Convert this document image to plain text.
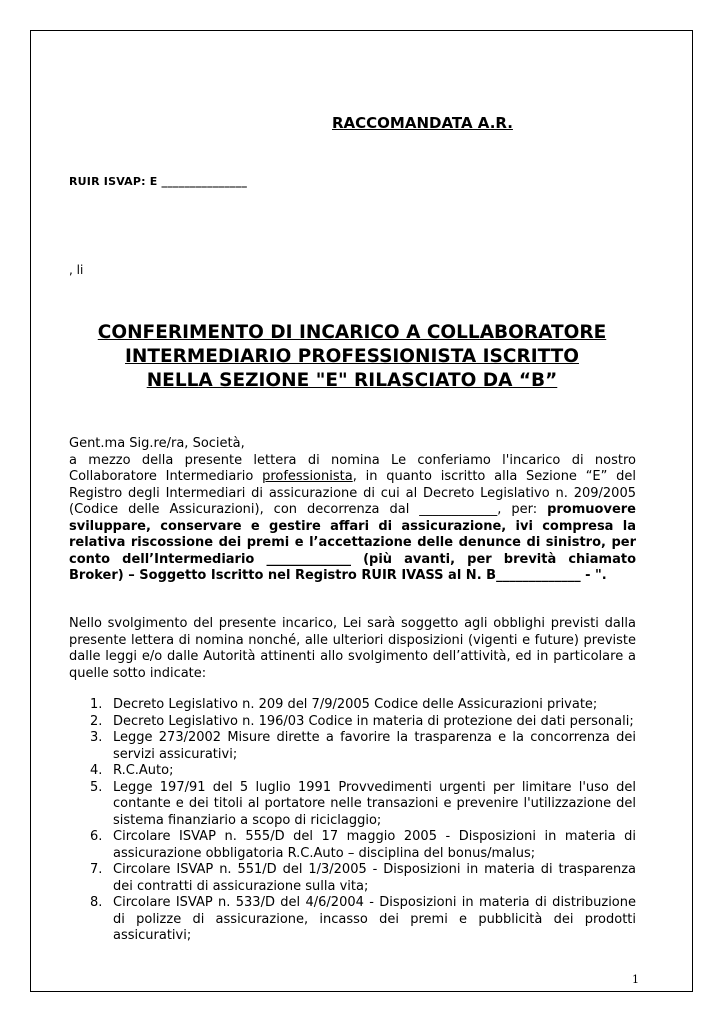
RACCOMANDATA A.R.
RUIR ISVAP: E _______________
, li
CONFERIMENTO DI INCARICO A COLLABORATORE
INTERMEDIARIO PROFESSIONISTA ISCRITTO
NELLA SEZIONE "E" RILASCIATO DA “B”
Gent.ma Sig.re/ra, Società,
a mezzo della presente lettera di nomina Le conferiamo l'incarico di nostro Collaboratore Intermediario professionista, in quanto iscritto alla Sezione “E” del Registro degli Intermediari di assicurazione di cui al Decreto Legislativo n. 209/2005 (Codice delle Assicurazioni), con decorrenza dal ____________, per: promuovere sviluppare, conservare e gestire affari di assicurazione, ivi compresa la relativa riscossione dei premi e l’accettazione delle denunce di sinistro, per conto dell’Intermediario _____________ (più avanti, per brevità chiamato Broker) – Soggetto Iscritto nel Registro RUIR IVASS al N. B_____________ - ".
Nello svolgimento del presente incarico, Lei sarà soggetto agli obblighi previsti dalla presente lettera di nomina nonché, alle ulteriori disposizioni (vigenti e future) previste dalle leggi e/o dalle Autorità attinenti allo svolgimento dell’attività, ed in particolare a quelle sotto indicate:
1. Decreto Legislativo n. 209 del 7/9/2005 Codice delle Assicurazioni private;
2. Decreto Legislativo n. 196/03 Codice in materia di protezione dei dati personali;
3. Legge 273/2002 Misure dirette a favorire la trasparenza e la concorrenza dei servizi assicurativi;
4. R.C.Auto;
5. Legge 197/91 del 5 luglio 1991 Provvedimenti urgenti per limitare l'uso del contante e dei titoli al portatore nelle transazioni e prevenire l'utilizzazione del sistema finanziario a scopo di riciclaggio;
6. Circolare ISVAP n. 555/D del 17 maggio 2005 - Disposizioni in materia di assicurazione obbligatoria R.C.Auto – disciplina del bonus/malus;
7. Circolare ISVAP n. 551/D del 1/3/2005 - Disposizioni in materia di trasparenza dei contratti di assicurazione sulla vita;
8. Circolare ISVAP n. 533/D del 4/6/2004 - Disposizioni in materia di distribuzione di polizze di assicurazione, incasso dei premi e pubblicità dei prodotti assicurativi;
1
